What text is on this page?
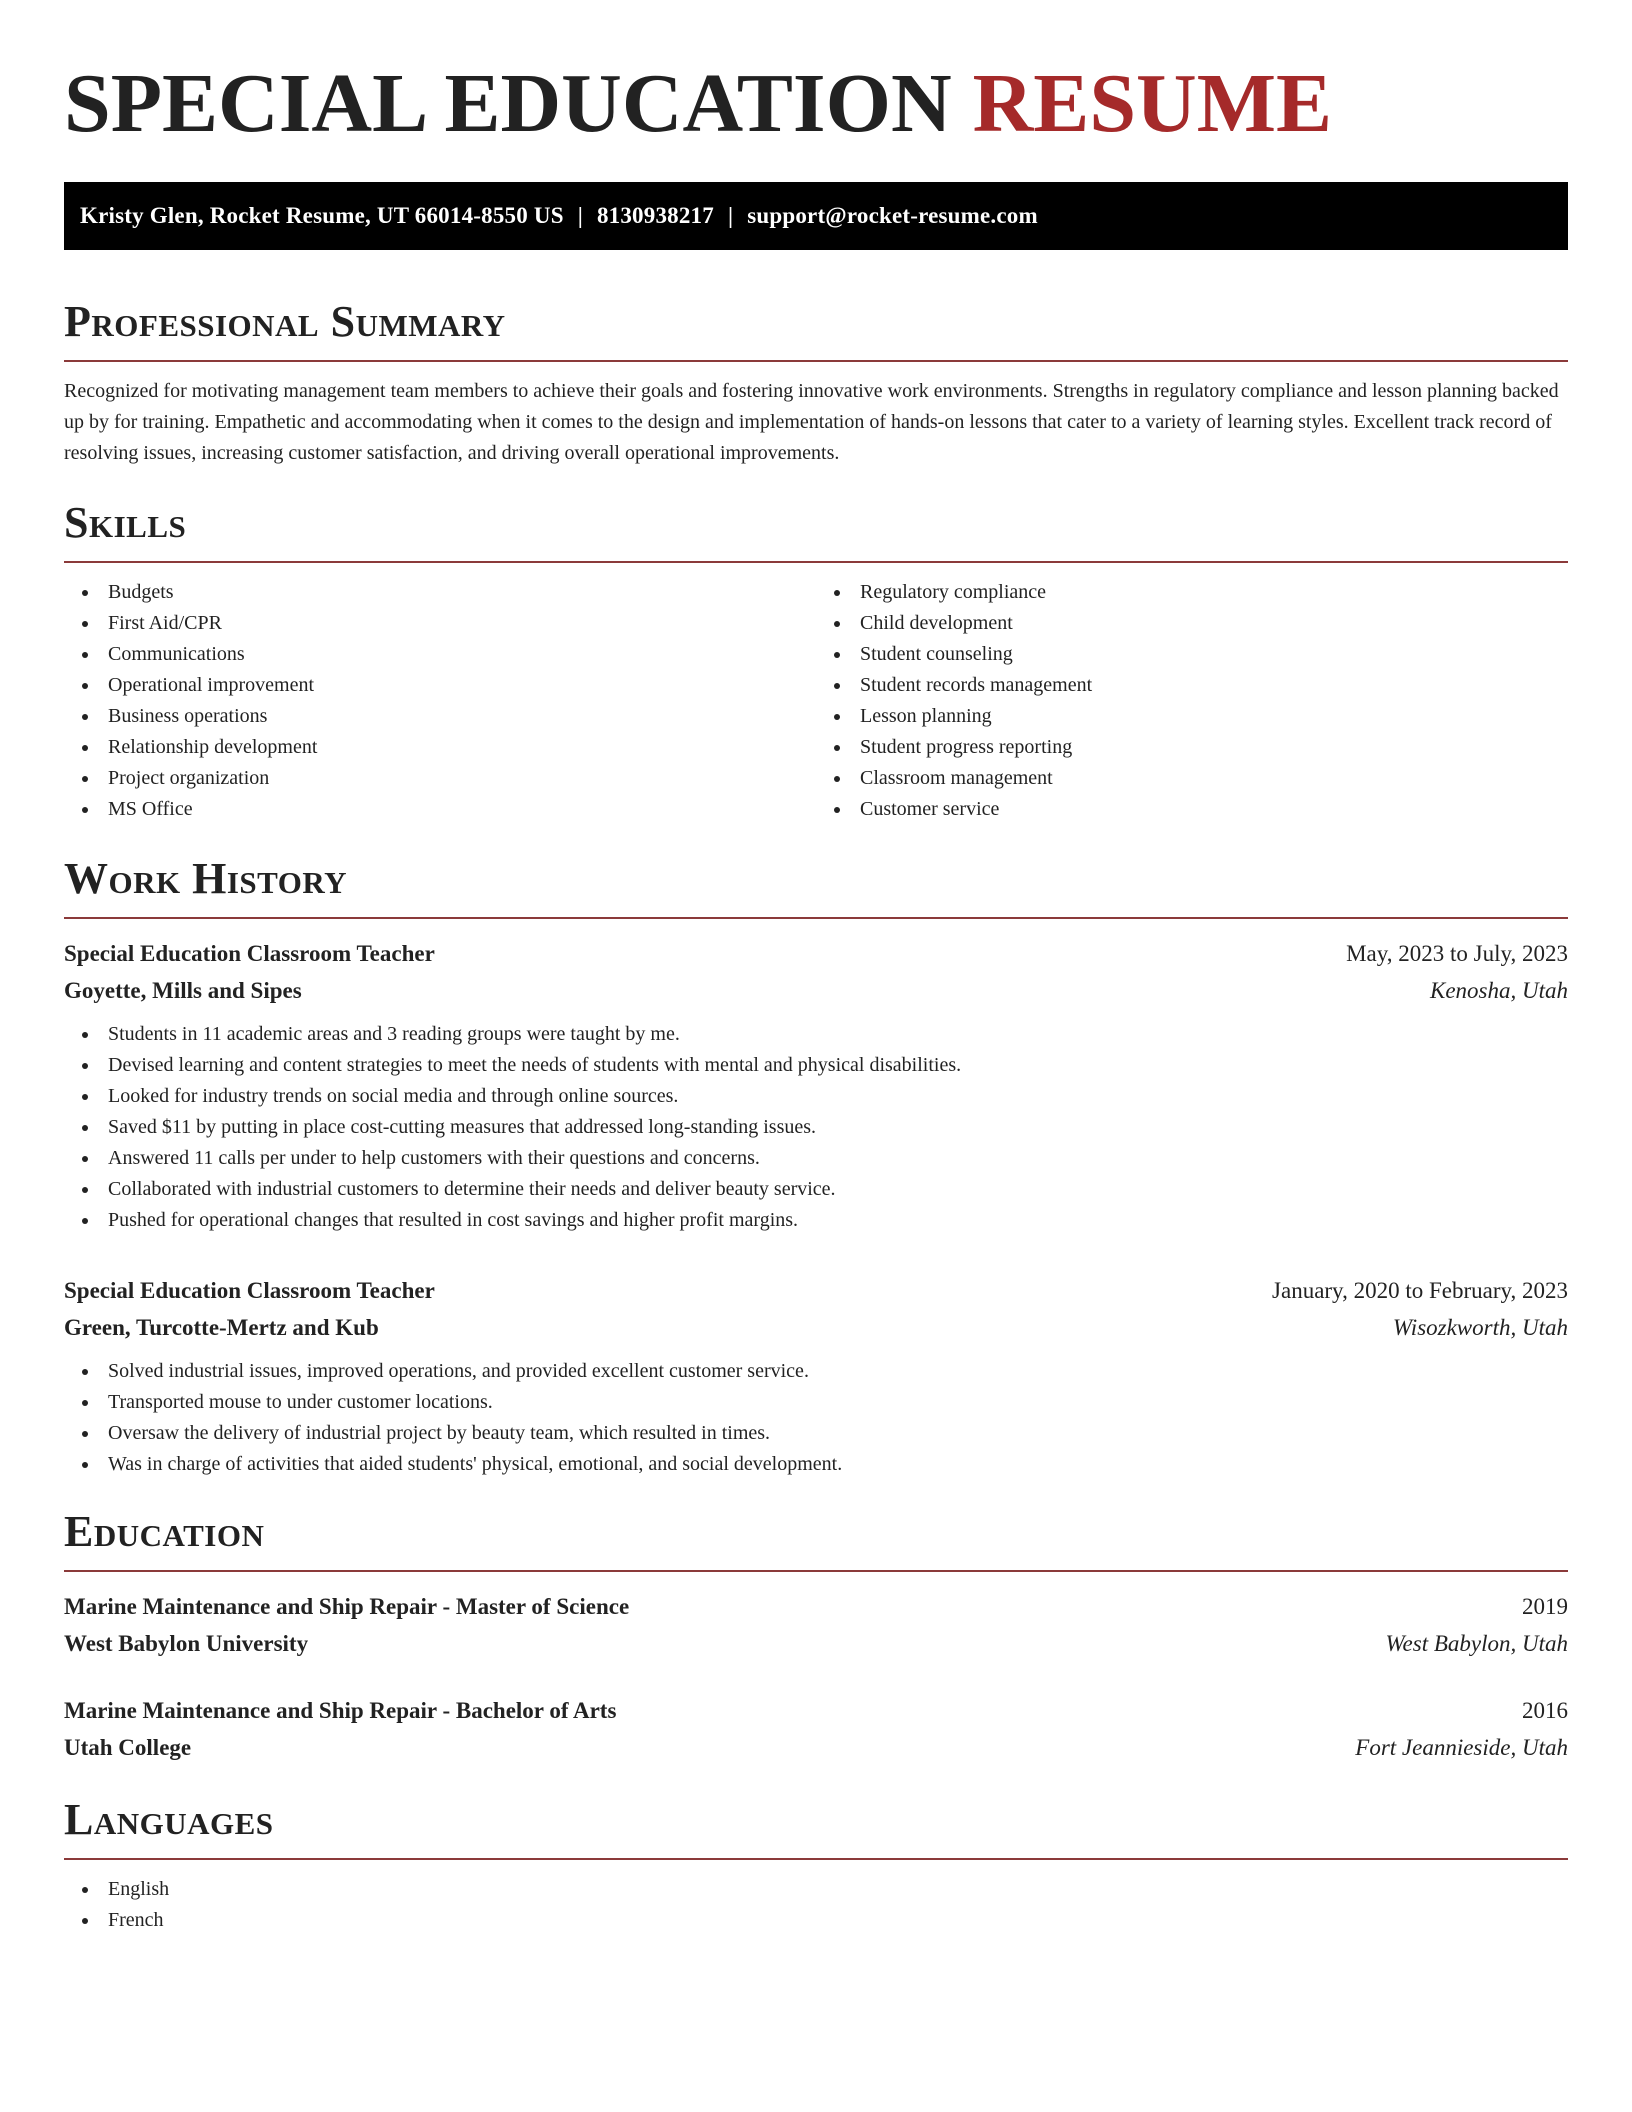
SPECIAL EDUCATION RESUME
Kristy Glen, Rocket Resume, UT 66014-8550 US | 8130938217 | support@rocket-resume.com
Professional Summary

Recognized for motivating management team members to achieve their goals and fostering innovative work environments. Strengths in regulatory compliance and lesson planning backed up by for training. Empathetic and accommodating when it comes to the design and implementation of hands-on lessons that cater to a variety of learning styles. Excellent track record of resolving issues, increasing customer satisfaction, and driving overall operational improvements.

Skills
Budgets
First Aid/CPR
Communications
Operational improvement
Business operations
Relationship development
Project organization
MS Office
Regulatory compliance
Child development
Student counseling
Student records management
Lesson planning
Student progress reporting
Classroom management
Customer service
Work History
Special Education Classroom Teacher	May, 2023 to July, 2023
Goyette, Mills and Sipes	Kenosha, Utah
Students in 11 academic areas and 3 reading groups were taught by me.
Devised learning and content strategies to meet the needs of students with mental and physical disabilities.
Looked for industry trends on social media and through online sources.
Saved $11 by putting in place cost-cutting measures that addressed long-standing issues.
Answered 11 calls per under to help customers with their questions and concerns.
Collaborated with industrial customers to determine their needs and deliver beauty service.
Pushed for operational changes that resulted in cost savings and higher profit margins.
Special Education Classroom Teacher	January, 2020 to February, 2023
Green, Turcotte-Mertz and Kub	Wisozkworth, Utah
Solved industrial issues, improved operations, and provided excellent customer service.
Transported mouse to under customer locations.
Oversaw the delivery of industrial project by beauty team, which resulted in times.
Was in charge of activities that aided students' physical, emotional, and social development.
Education
Marine Maintenance and Ship Repair - Master of Science	2019
West Babylon University	West Babylon, Utah
Marine Maintenance and Ship Repair - Bachelor of Arts	2016
Utah College	Fort Jeannieside, Utah
Languages
English
French
